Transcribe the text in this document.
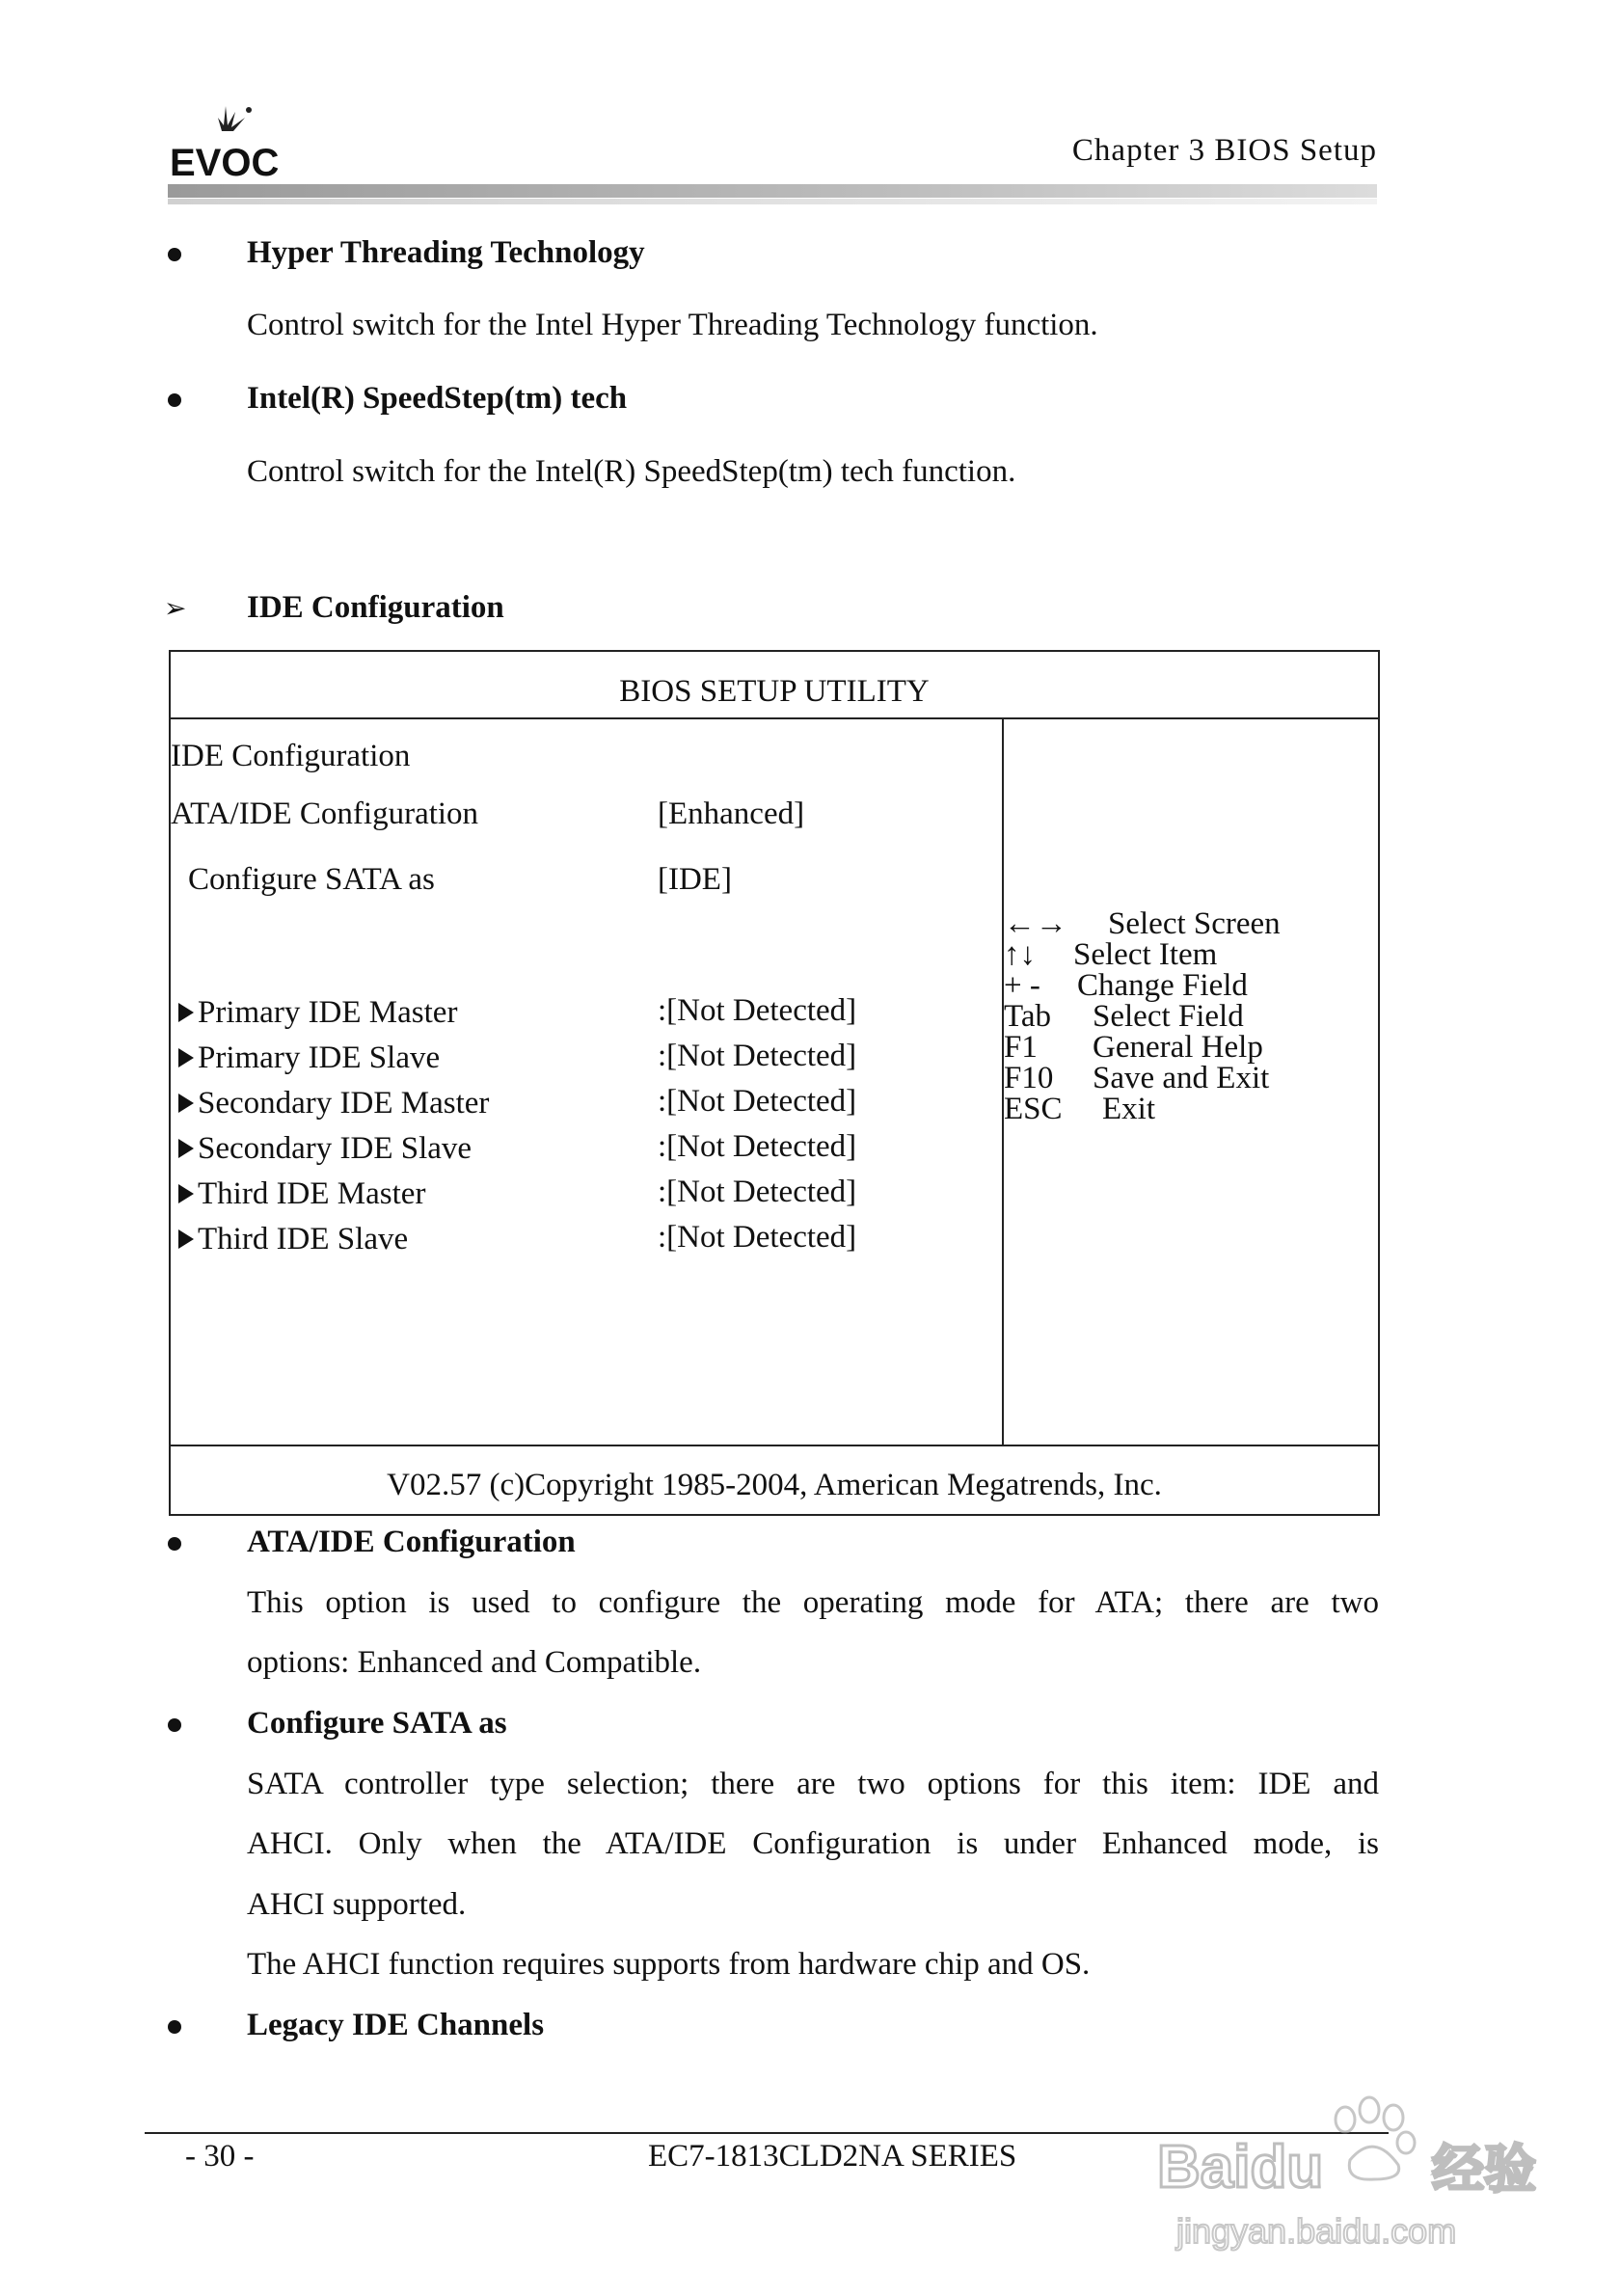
EVOC	Chapter 3 BIOS Setup
Hyper Threading Technology
Control switch for the Intel Hyper Threading Technology function.
Intel(R) SpeedStep(tm) tech
Control switch for the Intel(R) SpeedStep(tm) tech function.
➢ IDE Configuration
BIOS SETUP UTILITY
IDE Configuration
ATA/IDE Configuration	[Enhanced]
Configure SATA as	[IDE]
Primary IDE Master	:[Not Detected]
Primary IDE Slave	:[Not Detected]
Secondary IDE Master	:[Not Detected]
Secondary IDE Slave	:[Not Detected]
Third IDE Master	:[Not Detected]
Third IDE Slave	:[Not Detected]
←→ Select Screen
↑↓ Select Item
+ - Change Field
Tab Select Field
F1 General Help
F10 Save and Exit
ESC Exit
V02.57 (c)Copyright 1985-2004, American Megatrends, Inc.
ATA/IDE Configuration
This option is used to configure the operating mode for ATA; there are two
options: Enhanced and Compatible.
Configure SATA as
SATA controller type selection; there are two options for this item: IDE and
AHCI. Only when the ATA/IDE Configuration is under Enhanced mode, is
AHCI supported.
The AHCI function requires supports from hardware chip and OS.
Legacy IDE Channels
- 30 -	EC7-1813CLD2NA SERIES Baidu 经验
jingyan.baidu.com
